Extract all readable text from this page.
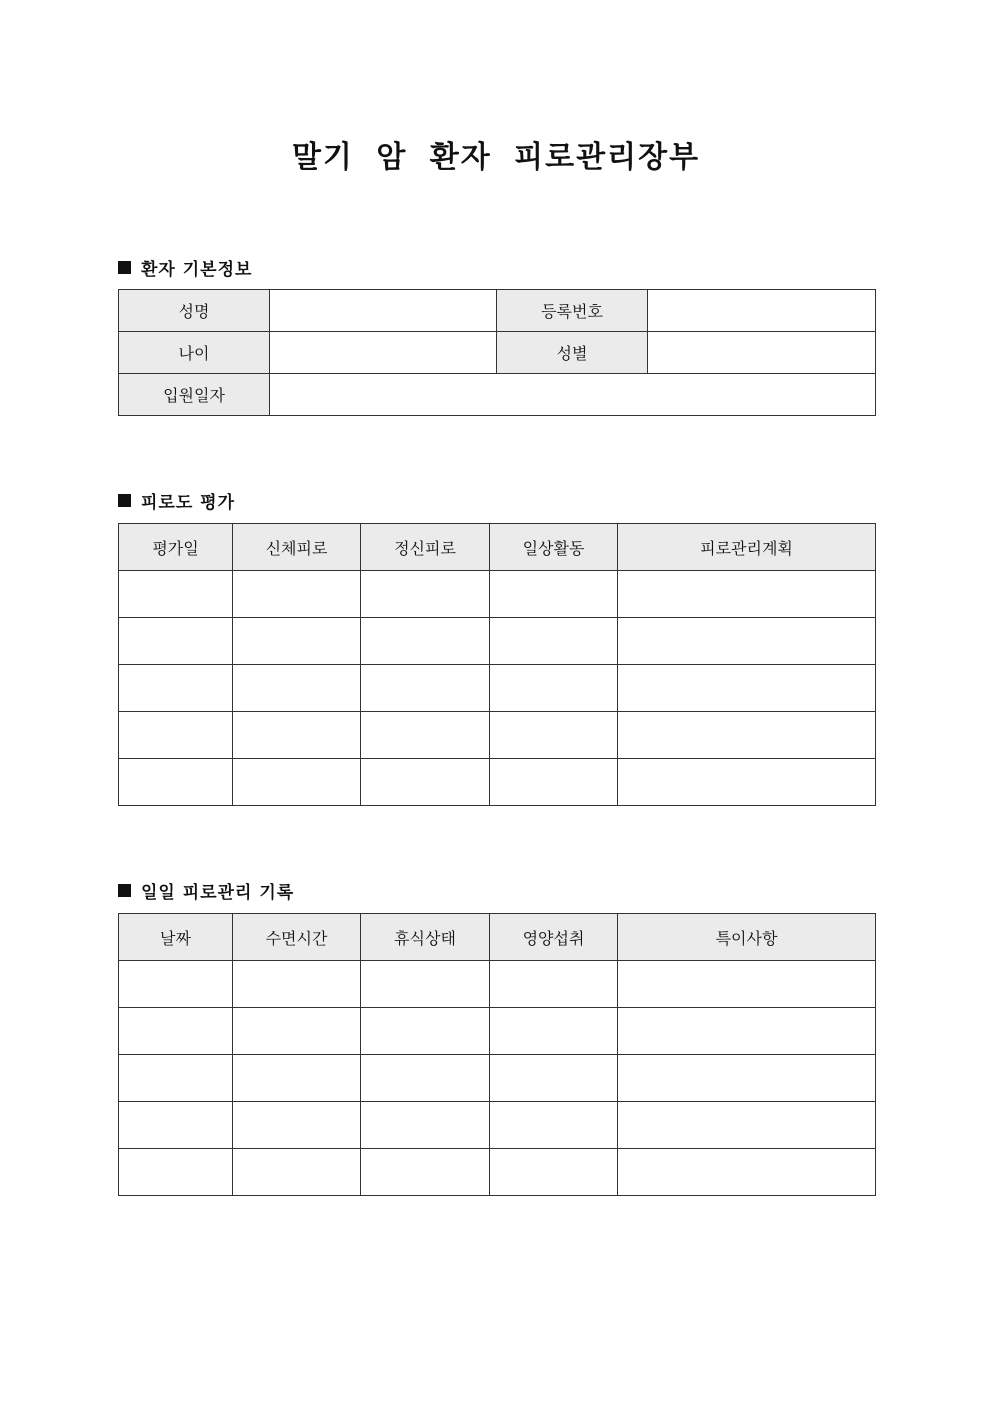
말기 암 환자 피로관리장부
환자 기본정보
성명		등록번호	
나이		성별	
입원일자			
피로도 평가
평가일	신체피로	정신피로	일상활동	피로관리계획

일일 피로관리 기록
날짜	수면시간	휴식상태	영양섭취	특이사항
